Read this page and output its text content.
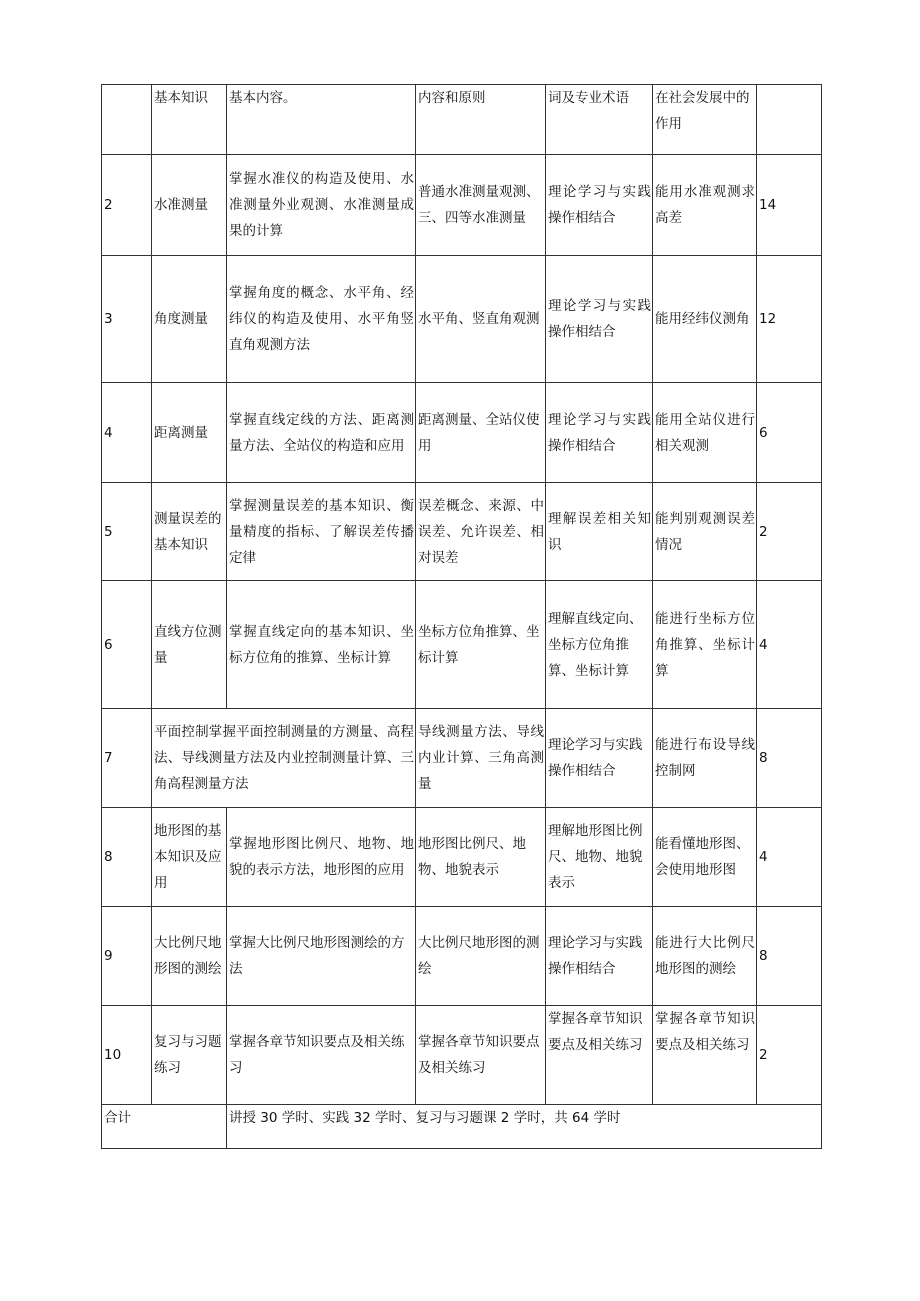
	基本知识	基本内容。	内容和原则	词及专业术语	在社会发展中的作用	
2	水准测量	掌握水准仪的构造及使用、水准测量外业观测、水准测量成果的计算	普通水准测量观测、三、四等水准测量	理论学习与实践操作相结合	能用水准观测求高差	14
3	角度测量	掌握角度的概念、水平角、经纬仪的构造及使用、水平角竖直角观测方法	水平角、竖直角观测	理论学习与实践操作相结合	能用经纬仪测角	12
4	距离测量	掌握直线定线的方法、距离测量方法、全站仪的构造和应用	距离测量、全站仪使用	理论学习与实践操作相结合	能用全站仪进行相关观测	6
5	测量误差的基本知识	掌握测量误差的基本知识、衡量精度的指标、了解误差传播定律	误差概念、来源、中误差、允许误差、相对误差	理解误差相关知识	能判别观测误差情况	2
6	直线方位测量	掌握直线定向的基本知识、坐标方位角的推算、坐标计算	坐标方位角推算、坐标计算	理解直线定向、坐标方位角推算、坐标计算	能进行坐标方位角推算、坐标计算	4
7	平面控制掌握平面控制测量的方测量、高程法、导线测量方法及内业控制测量计算、三角高程测量方法		导线测量方法、导线内业计算、三角高测量	理论学习与实践操作相结合	能进行布设导线控制网	8
8	地形图的基本知识及应用	掌握地形图比例尺、地物、地貌的表示方法，地形图的应用	地形图比例尺、地物、地貌表示	理解地形图比例尺、地物、地貌表示	能看懂地形图、会使用地形图	4
9	大比例尺地形图的测绘	掌握大比例尺地形图测绘的方法	大比例尺地形图的测绘	理论学习与实践操作相结合	能进行大比例尺地形图的测绘	8
10	复习与习题练习	掌握各章节知识要点及相关练习	掌握各章节知识要点及相关练习	掌握各章节知识要点及相关练习	掌握各章节知识要点及相关练习	2
合计		讲授 30 学时、实践 32 学时、复习与习题课 2 学时，共 64 学时				
